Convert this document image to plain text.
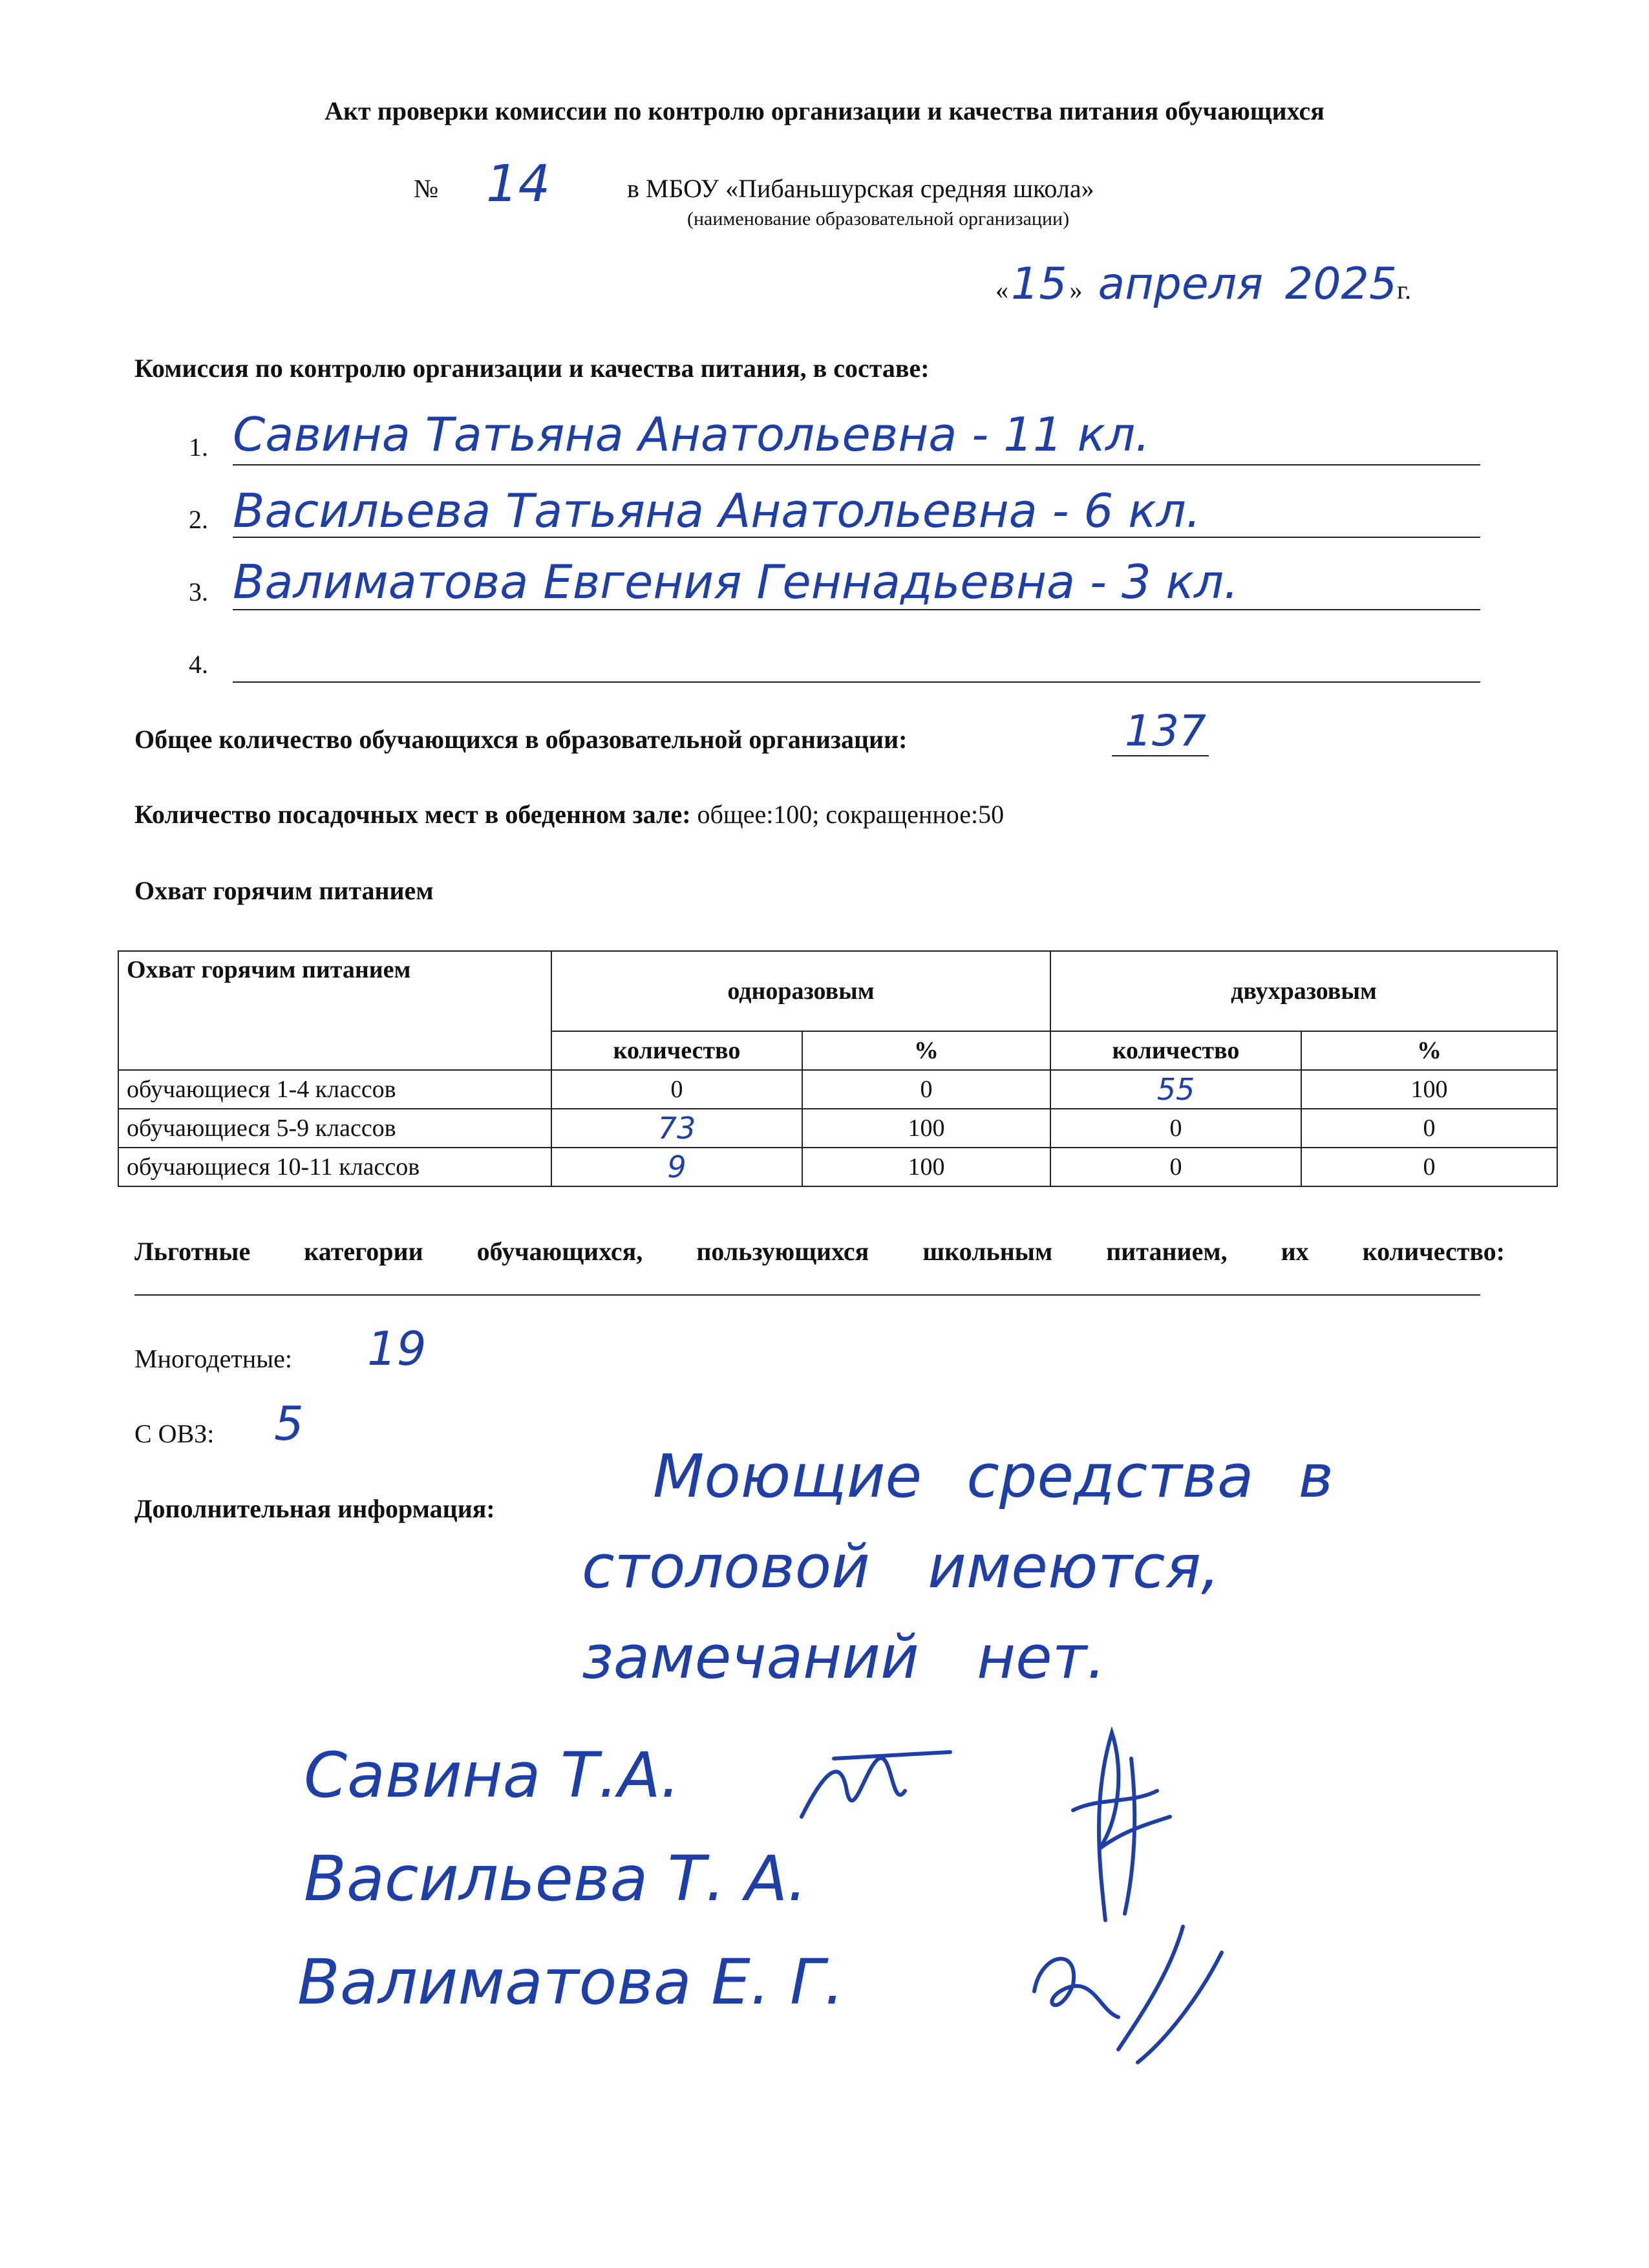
Акт проверки комиссии по контролю организации и качества питания обучающихся
№ 14	в МБОУ «Пибаньшурская средняя школа»
(наименование образовательной организации)
« 15 » апреля 2025г.
Комиссия по контролю организации и качества питания, в составе:
1. Савина Татьяна Анатольевна - 11 кл.
2. Васильева Татьяна Анатольевна - 6 кл.
3. Валиматова Евгения Геннадьевна - 3 кл.
4.
Общее количество обучающихся в образовательной организации:	137
Количество посадочных мест в обеденном зале: общее:100; сокращенное:50
Охват горячим питанием
Охват горячим питанием	одноразовым		двухразовым	
	количество	%	количество	%
обучающиеся 1-4 классов	0	0	55	100
обучающиеся 5-9 классов	73	100	0	0
обучающиеся 10-11 классов	9	100	0	0
Льготные категории обучающихся, пользующихся школьным питанием, их количество:
Многодетные: 19
С ОВЗ: 5
Дополнительная информация:	Моющие средства в
столовой имеются,
замечаний нет.
Савина Т.А.
Васильева Т. А.
Валиматова Е. Г.
